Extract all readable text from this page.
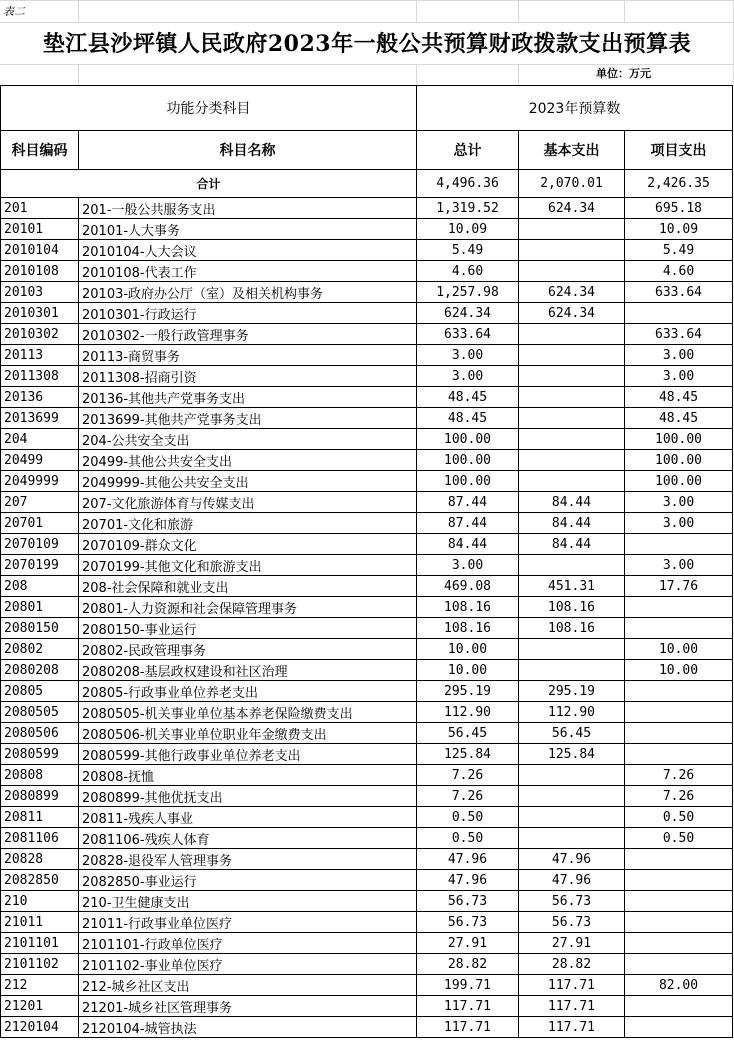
表二
垫江县沙坪镇人民政府2023年一般公共预算财政拨款支出预算表
单位：万元
功能分类科目		2023年预算数		
科目编码	科目名称	总计	基本支出	项目支出
合计		4,496.36	2,070.01	2,426.35
201	201-一般公共服务支出	1,319.52	624.34	695.18
20101	20101-人大事务	10.09		10.09
2010104	2010104-人大会议	5.49		5.49
2010108	2010108-代表工作	4.60		4.60
20103	20103-政府办公厅（室）及相关机构事务	1,257.98	624.34	633.64
2010301	2010301-行政运行	624.34	624.34	
2010302	2010302-一般行政管理事务	633.64		633.64
20113	20113-商贸事务	3.00		3.00
2011308	2011308-招商引资	3.00		3.00
20136	20136-其他共产党事务支出	48.45		48.45
2013699	2013699-其他共产党事务支出	48.45		48.45
204	204-公共安全支出	100.00		100.00
20499	20499-其他公共安全支出	100.00		100.00
2049999	2049999-其他公共安全支出	100.00		100.00
207	207-文化旅游体育与传媒支出	87.44	84.44	3.00
20701	20701-文化和旅游	87.44	84.44	3.00
2070109	2070109-群众文化	84.44	84.44	
2070199	2070199-其他文化和旅游支出	3.00		3.00
208	208-社会保障和就业支出	469.08	451.31	17.76
20801	20801-人力资源和社会保障管理事务	108.16	108.16	
2080150	2080150-事业运行	108.16	108.16	
20802	20802-民政管理事务	10.00		10.00
2080208	2080208-基层政权建设和社区治理	10.00		10.00
20805	20805-行政事业单位养老支出	295.19	295.19	
2080505	2080505-机关事业单位基本养老保险缴费支出	112.90	112.90	
2080506	2080506-机关事业单位职业年金缴费支出	56.45	56.45	
2080599	2080599-其他行政事业单位养老支出	125.84	125.84	
20808	20808-抚恤	7.26		7.26
2080899	2080899-其他优抚支出	7.26		7.26
20811	20811-残疾人事业	0.50		0.50
2081106	2081106-残疾人体育	0.50		0.50
20828	20828-退役军人管理事务	47.96	47.96	
2082850	2082850-事业运行	47.96	47.96	
210	210-卫生健康支出	56.73	56.73	
21011	21011-行政事业单位医疗	56.73	56.73	
2101101	2101101-行政单位医疗	27.91	27.91	
2101102	2101102-事业单位医疗	28.82	28.82	
212	212-城乡社区支出	199.71	117.71	82.00
21201	21201-城乡社区管理事务	117.71	117.71	
2120104	2120104-城管执法	117.71	117.71	
